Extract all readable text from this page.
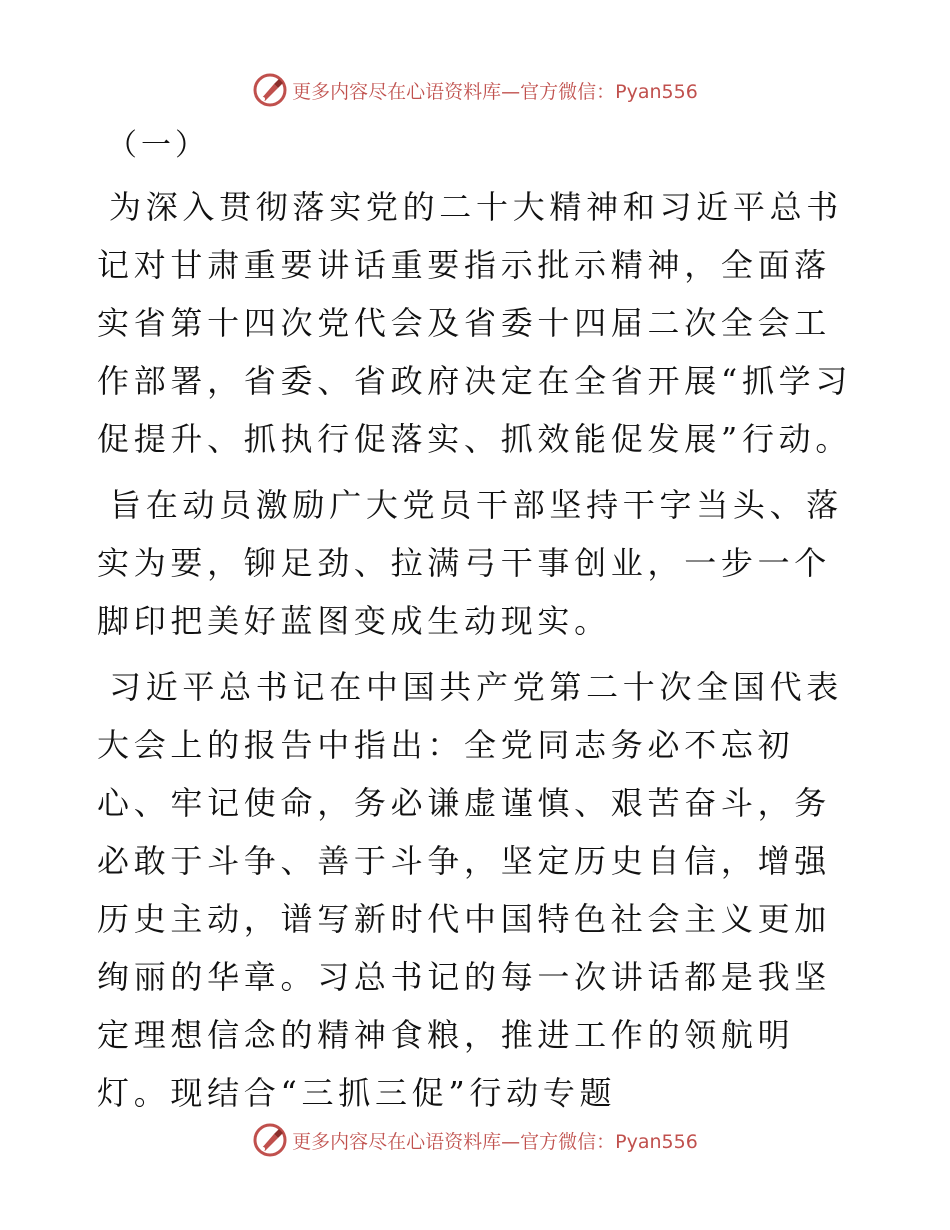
更多内容尽在心语资料库—官方微信：Pyan556
（一）

为深入贯彻落实党的二十大精神和习近平总书记对甘肃重要讲话重要指示批示精神，全面落实省第十四次党代会及省委十四届二次全会工作部署，省委、省政府决定在全省开展“抓学习促提升、抓执行促落实、抓效能促发展”行动。

旨在动员激励广大党员干部坚持干字当头、落实为要，铆足劲、拉满弓干事创业，一步一个脚印把美好蓝图变成生动现实。

习近平总书记在中国共产党第二十次全国代表大会上的报告中指出：全党同志务必不忘初心、牢记使命，务必谦虚谨慎、艰苦奋斗，务必敢于斗争、善于斗争，坚定历史自信，增强历史主动，谱写新时代中国特色社会主义更加绚丽的华章。习总书记的每一次讲话都是我坚定理想信念的精神食粮，推进工作的领航明灯。现结合“三抓三促”行动专题

更多内容尽在心语资料库—官方微信：Pyan556
